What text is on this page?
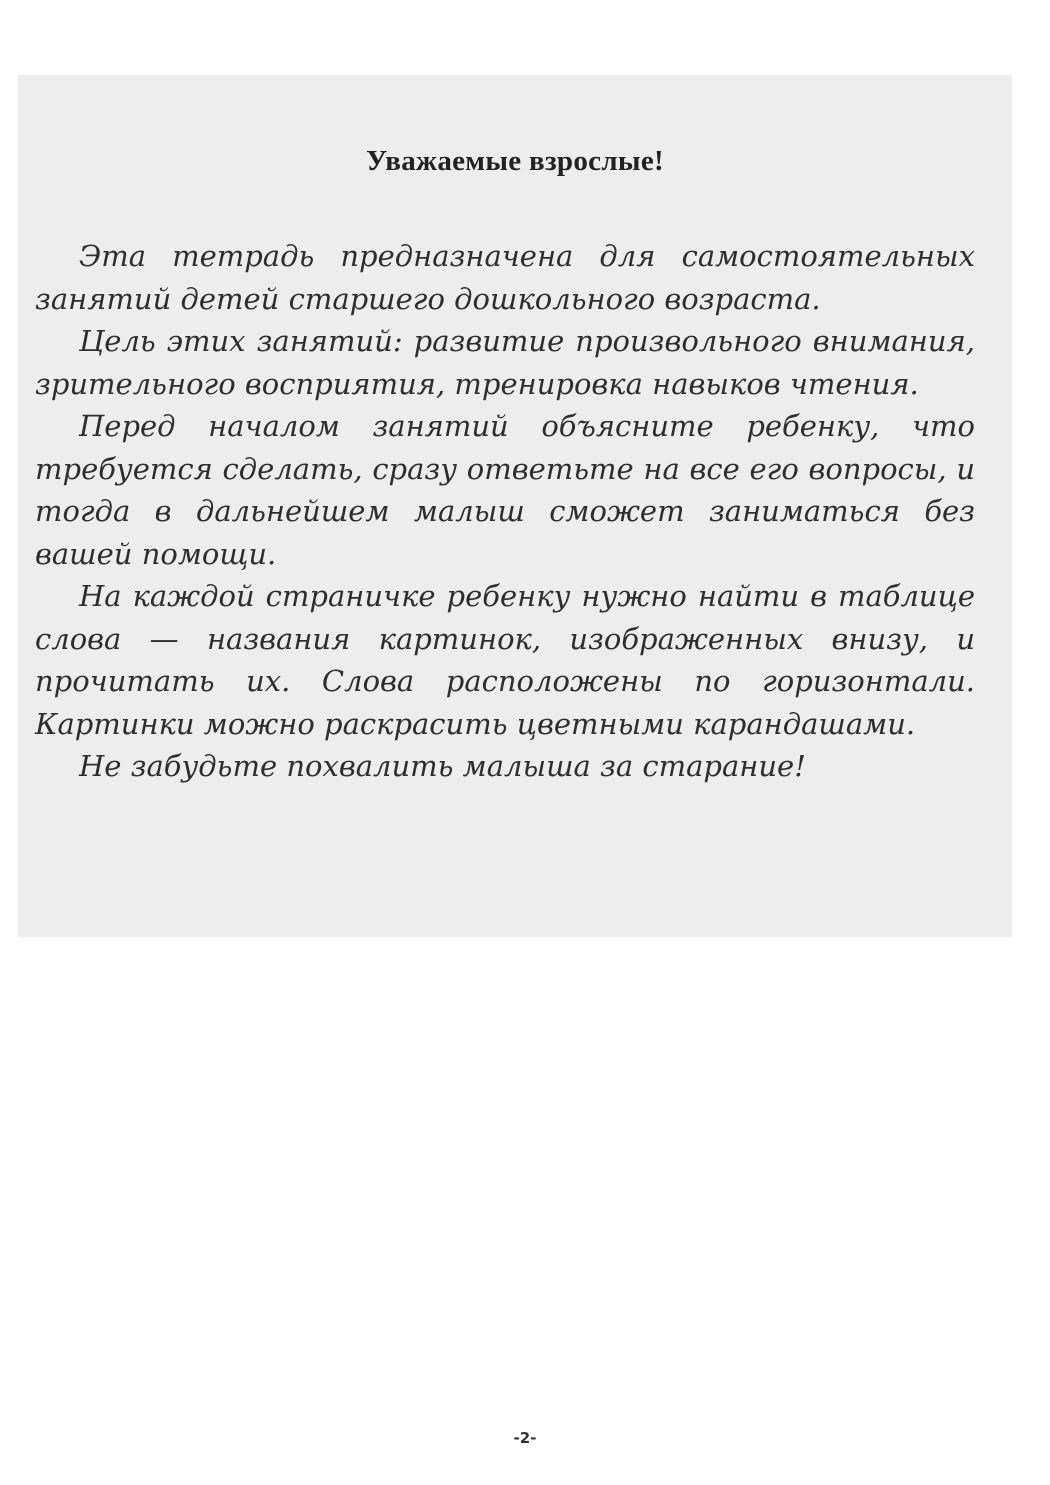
Уважаемые взрослые!

Эта тетрадь предназначена для самостоятельных занятий детей старшего дошкольного возраста.

Цель этих занятий: развитие произвольного внимания, зрительного восприятия, тренировка навыков чтения.

Перед началом занятий объясните ребенку, что требуется сделать, сразу ответьте на все его вопросы, и тогда в дальнейшем малыш сможет заниматься без вашей помощи.

На каждой страничке ребенку нужно найти в таблице слова — названия картинок, изображенных внизу, и прочитать их. Слова расположены по горизонтали. Картинки можно раскрасить цветными карандашами.

Не забудьте похвалить малыша за старание!

-2-
